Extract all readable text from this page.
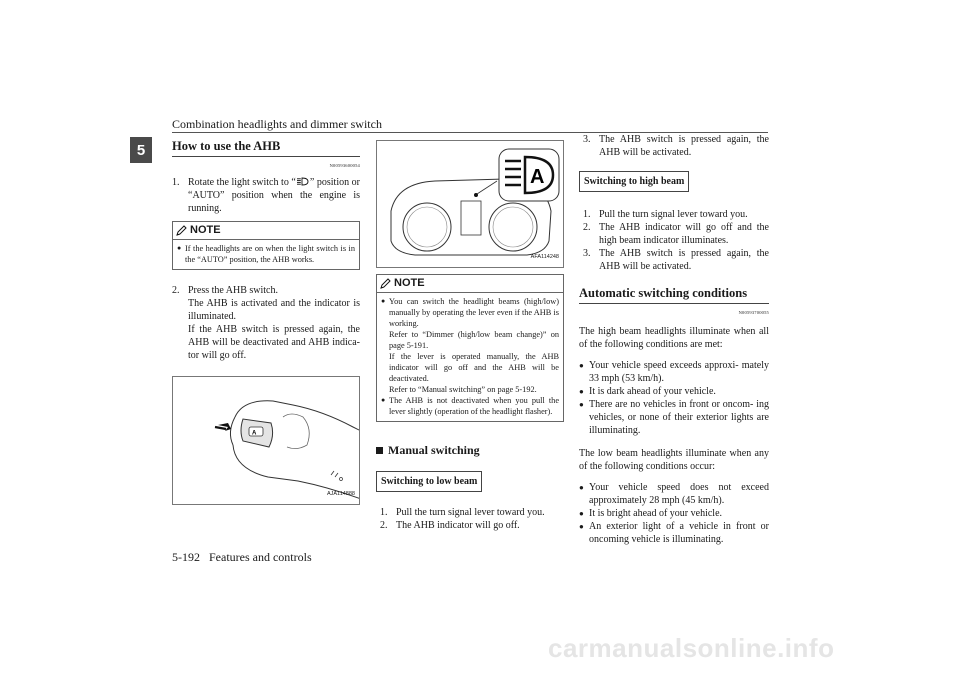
Combination headlights and dimmer switch
5	How to use the AHB
N00593600054
1. Rotate the light switch to “ ” position or “AUTO” position when the engine is running.
NOTE
● If the headlights are on when the light switch is in the “AUTO” position, the AHB works.
2. Press the AHB switch.
The AHB is activated and the indicator is illuminated.
If the AHB switch is pressed again, the AHB will be deactivated and AHB indica- tor will go off.
A
AJA114888
A
AFA114248
NOTE
● You can switch the headlight beams (high/low) manually by operating the lever even if the AHB is working.
Refer to “Dimmer (high/low beam change)” on page 5-191.
If the lever is operated manually, the AHB indicator will go off and the AHB will be deactivated.
Refer to “Manual switching” on page 5-192.
● The AHB is not deactivated when you pull the lever slightly (operation of the headlight flasher).
Manual switching
Switching to low beam
1. Pull the turn signal lever toward you.
2. The AHB indicator will go off.
3. The AHB switch is pressed again, the AHB will be activated.
Switching to high beam
1. Pull the turn signal lever toward you.
2. The AHB indicator will go off and the high beam indicator illuminates.
3. The AHB switch is pressed again, the AHB will be activated.
Automatic switching conditions
N00593700055
The high beam headlights illuminate when all of the following conditions are met:
● Your vehicle speed exceeds approxi- mately 33 mph (53 km/h).
● It is dark ahead of your vehicle.
● There are no vehicles in front or oncom- ing vehicles, or none of their exterior lights are illuminating.
The low beam headlights illuminate when any of the following conditions occur:
● Your vehicle speed does not exceed approximately 28 mph (45 km/h).
● It is bright ahead of your vehicle.
● An exterior light of a vehicle in front or oncoming vehicle is illuminating.
5-192 Features and controls
carmanualsonline.info
